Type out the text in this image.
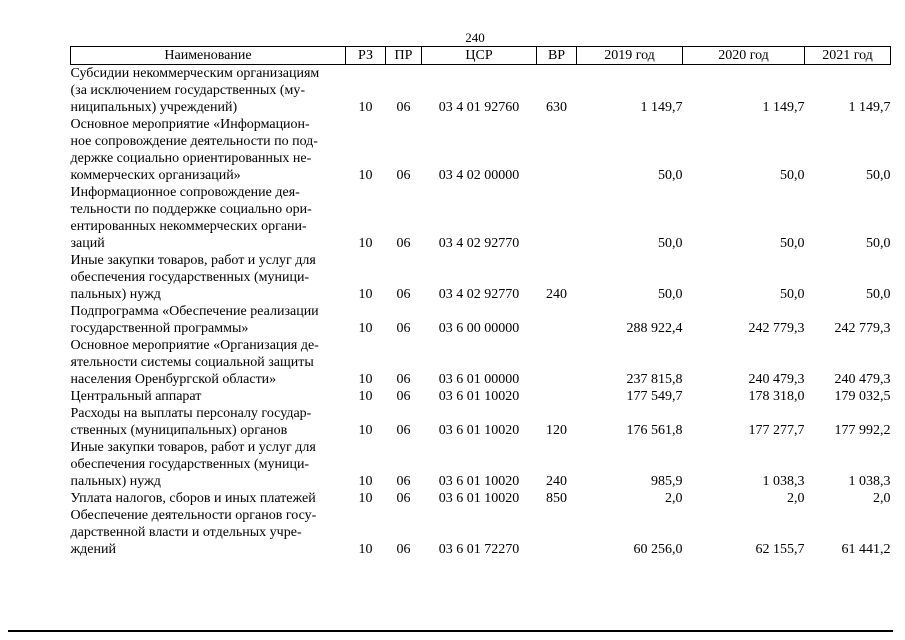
240
Наименование	РЗ	ПР	ЦСР	ВР	2019 год	2020 год	2021 год

Субсидии некоммерческим организациям
(за исключением государственных (му-
ниципальных) учреждений)	10	06	03 4 01 92760	630	1 149,7	1 149,7	1 149,7

Основное мероприятие «Информацион-
ное сопровождение деятельности по под-
держке социально ориентированных не-
коммерческих организаций»	10	06	03 4 02 00000		50,0	50,0	50,0

Информационное сопровождение дея-
тельности по поддержке социально ори-
ентированных некоммерческих органи-
заций	10	06	03 4 02 92770		50,0	50,0	50,0

Иные закупки товаров, работ и услуг для
обеспечения государственных (муници-
пальных) нужд	10	06	03 4 02 92770	240	50,0	50,0	50,0

Подпрограмма «Обеспечение реализации
государственной программы»	10	06	03 6 00 00000		288 922,4	242 779,3	242 779,3

Основное мероприятие «Организация де-
ятельности системы социальной защиты
населения Оренбургской области»	10	06	03 6 01 00000		237 815,8	240 479,3	240 479,3

Центральный аппарат	10	06	03 6 01 10020		177 549,7	178 318,0	179 032,5

Расходы на выплаты персоналу государ-
ственных (муниципальных) органов	10	06	03 6 01 10020	120	176 561,8	177 277,7	177 992,2

Иные закупки товаров, работ и услуг для
обеспечения государственных (муници-
пальных) нужд	10	06	03 6 01 10020	240	985,9	1 038,3	1 038,3

Уплата налогов, сборов и иных платежей	10	06	03 6 01 10020	850	2,0	2,0	2,0

Обеспечение деятельности органов госу-
дарственной власти и отдельных учре-
ждений	10	06	03 6 01 72270		60 256,0	62 155,7	61 441,2
